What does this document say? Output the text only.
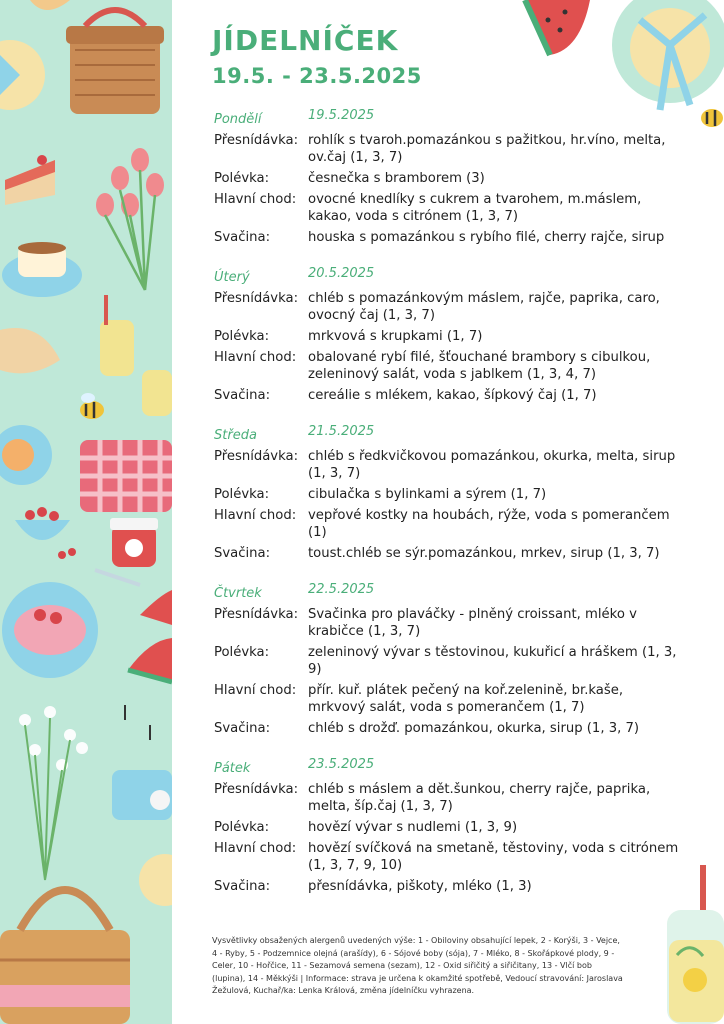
JÍDELNÍČEK
19.5. - 23.5.2025
Pondělí	19.5.2025
Přesnídávka: rohlík s tvaroh.pomazánkou s pažitkou, hr.víno, melta, ov.čaj (1, 3, 7)
Polévka:	česnečka s bramborem (3)
Hlavní chod: ovocné knedlíky s cukrem a tvarohem, m.máslem, kakao, voda s citrónem (1, 3, 7)
Svačina:	houska s pomazánkou s rybího filé, cherry rajče, sirup
Úterý	20.5.2025
Přesnídávka: chléb s pomazánkovým máslem, rajče, paprika, caro, ovocný čaj (1, 3, 7)
Polévka:	mrkvová s krupkami (1, 7)
Hlavní chod: obalované rybí filé, šťouchané brambory s cibulkou, zeleninový salát, voda s jablkem (1, 3, 4, 7)
Svačina:	cereálie s mlékem, kakao, šípkový čaj (1, 7)
Středa	21.5.2025
Přesnídávka: chléb s ředkvičkovou pomazánkou, okurka, melta, sirup (1, 3, 7)
Polévka:	cibulačka s bylinkami a sýrem (1, 7)
Hlavní chod: vepřové kostky na houbách, rýže, voda s pomerančem (1)
Svačina:	toust.chléb se sýr.pomazánkou, mrkev, sirup (1, 3, 7)
Čtvrtek	22.5.2025
Přesnídávka: Svačinka pro plaváčky - plněný croissant, mléko v krabičce (1, 3, 7)
Polévka:	zeleninový vývar s těstovinou, kukuřicí a hráškem (1, 3, 9)
Hlavní chod: přír. kuř. plátek pečený na koř.zelenině, br.kaše, mrkvový salát, voda s pomerančem (1, 7)
Svačina:	chléb s drožď. pomazánkou, okurka, sirup (1, 3, 7)
Pátek	23.5.2025
Přesnídávka: chléb s máslem a dět.šunkou, cherry rajče, paprika, melta, šíp.čaj (1, 3, 7)
Polévka:	hovězí vývar s nudlemi (1, 3, 9)
Hlavní chod: hovězí svíčková na smetaně, těstoviny, voda s citrónem (1, 3, 7, 9, 10)
Svačina:	přesnídávka, piškoty, mléko (1, 3)
Vysvětlivky obsažených alergenů uvedených výše: 1 - Obiloviny obsahující lepek, 2 - Korýši, 3 - Vejce, 4 - Ryby, 5 - Podzemnice olejná (arašídy), 6 - Sójové boby (sója), 7 - Mléko, 8 - Skořápkové plody, 9 - Celer, 10 - Hořčice, 11 - Sezamová semena (sezam), 12 - Oxid siřičitý a siřičitany, 13 - Vlčí bob (lupina), 14 - Měkkýši | Informace: strava je určena k okamžité spotřebě, Vedoucí stravování: Jaroslava Žežulová, Kuchař/ka: Lenka Králová, změna jídelníčku vyhrazena.
